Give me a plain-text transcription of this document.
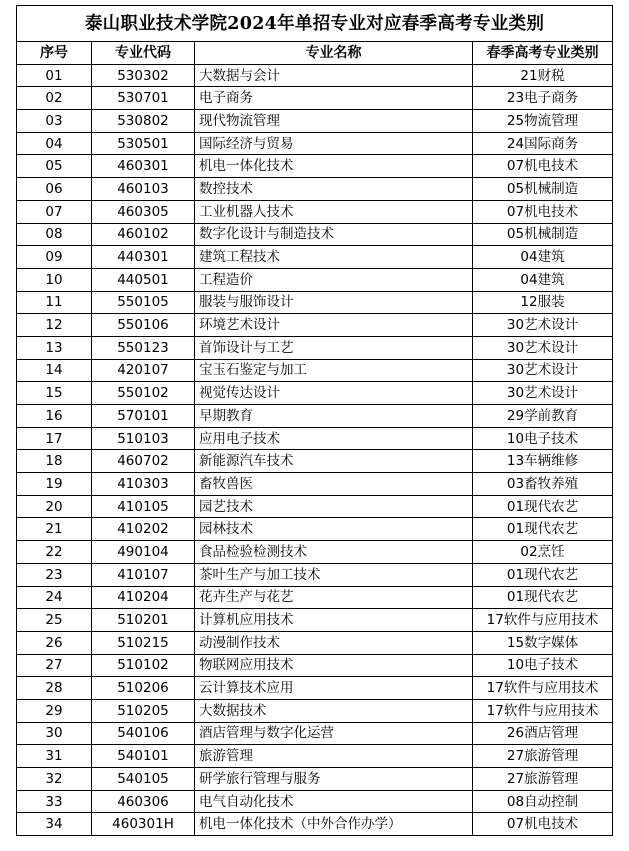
泰山职业技术学院2024年单招专业对应春季高考专业类别			
序号	专业代码	专业名称	春季高考专业类别
01	530302	大数据与会计	21财税
02	530701	电子商务	23电子商务
03	530802	现代物流管理	25物流管理
04	530501	国际经济与贸易	24国际商务
05	460301	机电一体化技术	07机电技术
06	460103	数控技术	05机械制造
07	460305	工业机器人技术	07机电技术
08	460102	数字化设计与制造技术	05机械制造
09	440301	建筑工程技术	04建筑
10	440501	工程造价	04建筑
11	550105	服装与服饰设计	12服装
12	550106	环境艺术设计	30艺术设计
13	550123	首饰设计与工艺	30艺术设计
14	420107	宝玉石鉴定与加工	30艺术设计
15	550102	视觉传达设计	30艺术设计
16	570101	早期教育	29学前教育
17	510103	应用电子技术	10电子技术
18	460702	新能源汽车技术	13车辆维修
19	410303	畜牧兽医	03畜牧养殖
20	410105	园艺技术	01现代农艺
21	410202	园林技术	01现代农艺
22	490104	食品检验检测技术	02烹饪
23	410107	茶叶生产与加工技术	01现代农艺
24	410204	花卉生产与花艺	01现代农艺
25	510201	计算机应用技术	17软件与应用技术
26	510215	动漫制作技术	15数字媒体
27	510102	物联网应用技术	10电子技术
28	510206	云计算技术应用	17软件与应用技术
29	510205	大数据技术	17软件与应用技术
30	540106	酒店管理与数字化运营	26酒店管理
31	540101	旅游管理	27旅游管理
32	540105	研学旅行管理与服务	27旅游管理
33	460306	电气自动化技术	08自动控制
34	460301H	机电一体化技术（中外合作办学）	07机电技术
